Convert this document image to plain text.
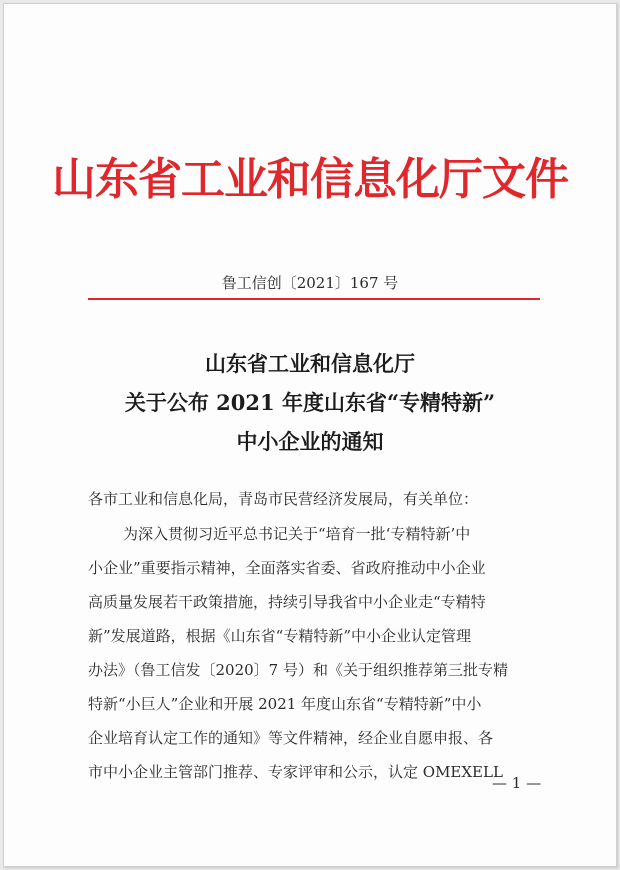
山东省工业和信息化厅文件
鲁工信创〔2021〕167 号
山东省工业和信息化厅
关于公布 2021 年度山东省“专精特新”
中小企业的通知
各市工业和信息化局，青岛市民营经济发展局，有关单位：
为深入贯彻习近平总书记关于“培育一批‘专精特新’中
小企业”重要指示精神，全面落实省委、省政府推动中小企业
高质量发展若干政策措施，持续引导我省中小企业走“专精特
新”发展道路，根据《山东省“专精特新”中小企业认定管理
办法》（鲁工信发〔2020〕7 号）和《关于组织推荐第三批专精
特新“小巨人”企业和开展 2021 年度山东省“专精特新”中小
企业培育认定工作的通知》等文件精神，经企业自愿申报、各
市中小企业主管部门推荐、专家评审和公示，认定 OMEXELL
— 1 —
